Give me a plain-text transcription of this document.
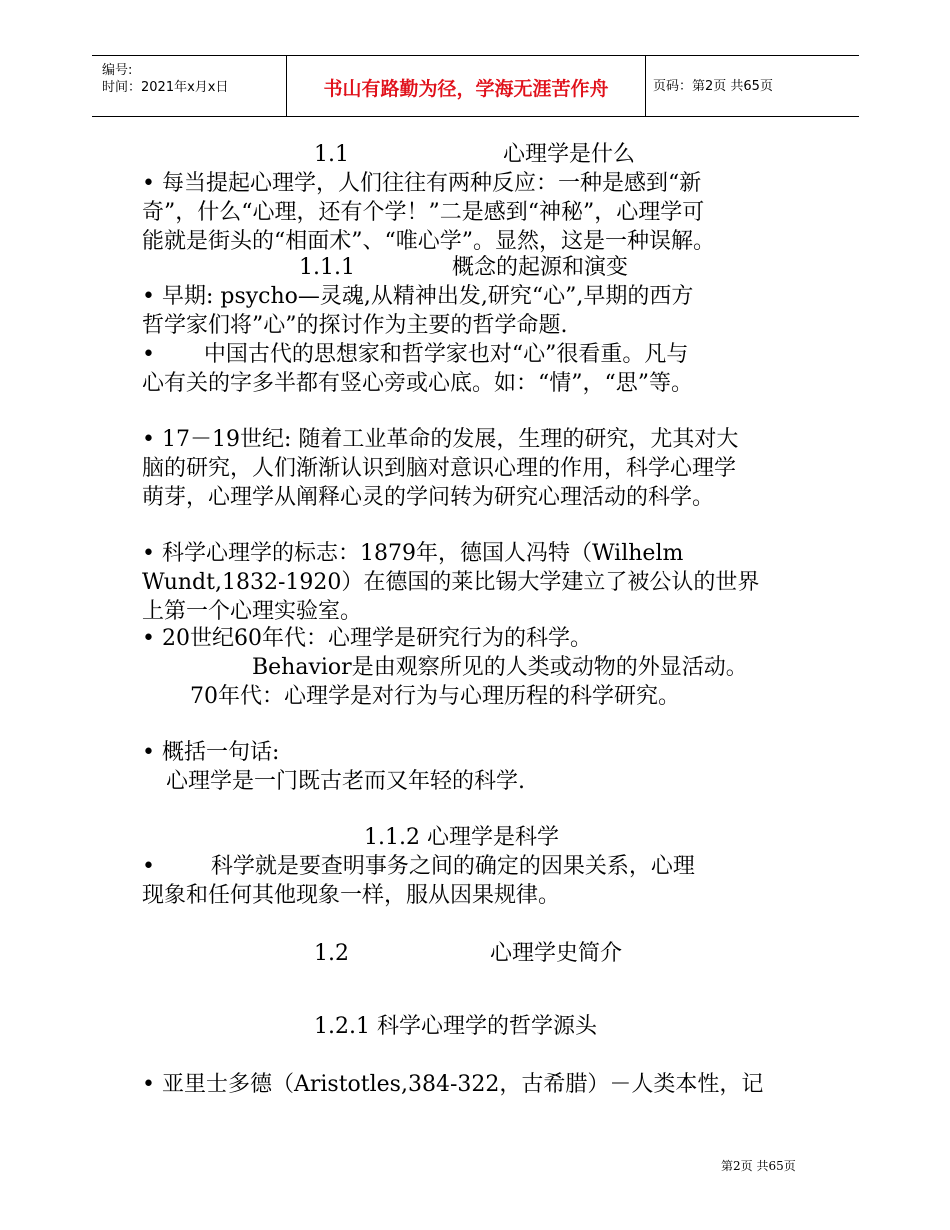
编号:
时间：2021年x月x日	书山有路勤为径，学海无涯苦作舟	页码：第2页 共65页
1.1	心理学是什么
• 每当提起心理学，人们往往有两种反应：一种是感到“新
奇”，什么“心理，还有个学！”二是感到“神秘”，心理学可
能就是街头的“相面术”、“唯心学”。显然，这是一种误解。
1.1.1	概念的起源和演变
• 早期: psycho—灵魂,从精神出发,研究“心”,早期的西方
哲学家们将”心”的探讨作为主要的哲学命题.
•       中国古代的思想家和哲学家也对“心”很看重。凡与
心有关的字多半都有竖心旁或心底。如：“情”，“思”等。
• 17－19世纪: 随着工业革命的发展，生理的研究，尤其对大
脑的研究，人们渐渐认识到脑对意识心理的作用，科学心理学
萌芽，心理学从阐释心灵的学问转为研究心理活动的科学。
• 科学心理学的标志：1879年，德国人冯特（Wilhelm
Wundt,1832-1920）在德国的莱比锡大学建立了被公认的世界
上第一个心理实验室。
• 20世纪60年代：心理学是研究行为的科学。
Behavior是由观察所见的人类或动物的外显活动。
70年代：心理学是对行为与心理历程的科学研究。
• 概括一句话:
心理学是一门既古老而又年轻的科学.
1.1.2 心理学是科学
•        科学就是要查明事务之间的确定的因果关系，心理
现象和任何其他现象一样，服从因果规律。
1.2	心理学史简介
1.2.1 科学心理学的哲学源头
• 亚里士多德（Aristotles,384-322，古希腊）－人类本性，记
第2页 共65页
